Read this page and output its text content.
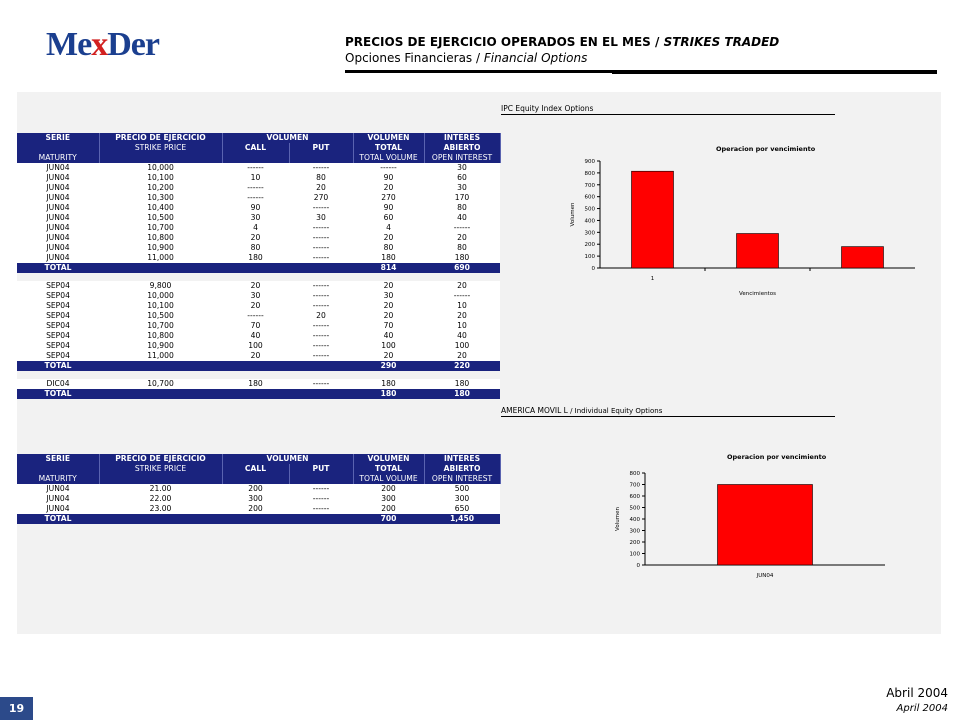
MexDer	PRECIOS DE EJERCICIO OPERADOS EN EL MES / STRIKES TRADED
Opciones Financieras / Financial Options
IPC Equity Index Options
SERIE	PRECIO DE EJERCICIO	VOLUMEN		VOLUMEN	INTERES
	STRIKE PRICE	CALL	PUT	TOTAL	ABIERTO
MATURITY				TOTAL VOLUME	OPEN INTEREST
JUN04	10,000	------	------	------	30
JUN04	10,100	10	80	90	60
JUN04	10,200	------	20	20	30
JUN04	10,300	------	270	270	170
JUN04	10,400	90	------	90	80
JUN04	10,500	30	30	60	40
JUN04	10,700	4	------	4	------
JUN04	10,800	20	------	20	20
JUN04	10,900	80	------	80	80
JUN04	11,000	180	------	180	180
TOTAL				814	690

SEP04	9,800	20	------	20	20
SEP04	10,000	30	------	30	------
SEP04	10,100	20	------	20	10
SEP04	10,500	------	20	20	20
SEP04	10,700	70	------	70	10
SEP04	10,800	40	------	40	40
SEP04	10,900	100	------	100	100
SEP04	11,000	20	------	20	20
TOTAL				290	220

DIC04	10,700	180	------	180	180
TOTAL				180	180
Operacion por vencimiento
0
100
200
300
400
500
600
700
800
900
1
Volumen
Vencimientos
AMERICA MOVIL L / Individual Equity Options
SERIE	PRECIO DE EJERCICIO	VOLUMEN		VOLUMEN	INTERES
	STRIKE PRICE	CALL	PUT	TOTAL	ABIERTO
MATURITY				TOTAL VOLUME	OPEN INTEREST
JUN04	21.00	200	------	200	500
JUN04	22.00	300	------	300	300
JUN04	23.00	200	------	200	650
TOTAL				700	1,450
Operacion por vencimiento
0
100
200
300
400
500
600
700
800
JUN04
Volumen
19
Abril 2004
April 2004
